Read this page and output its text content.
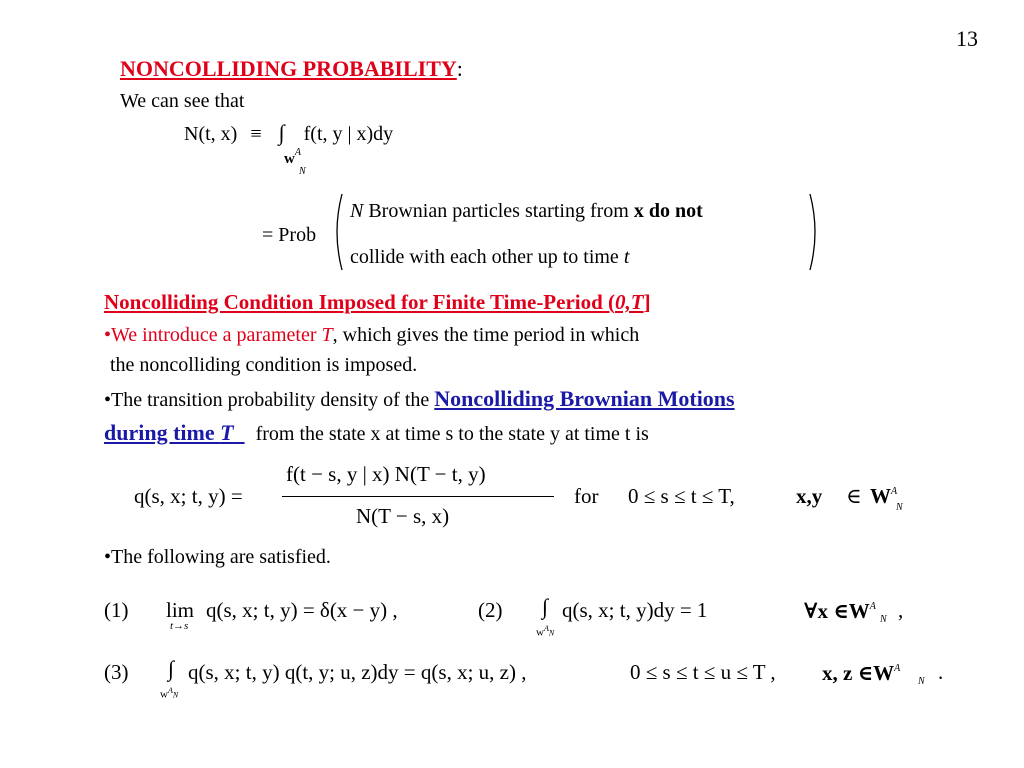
13
NONCOLLIDING PROBABILITY:
We can see that
N(t, x) ≡ ∫ f(t, y | x)dy
$w^A$
N
= Prob
N Brownian particles starting from x do not
collide with each other up to time t
Noncolliding Condition Imposed for Finite Time-Period (0,T]
•We introduce a parameter T, which gives the time period in which
the noncolliding condition is imposed.
•The transition probability density of the Noncolliding Brownian Motions
during time T from the state x at time s to the state y at time t is
q(s, x; t, y) =
f(t − s, y | x) N(T − t, y)
N(T − s, x)
for 0 ≤ s ≤ t ≤ T,	x,y ∈ $W^A$
N
•The following are satisfied.
(1) lim
t→s
q(s, x; t, y) = δ(x − y) ,	(2) ∫
$w^AN$
q(s, x; t, y)dy = 1	∀x $\in W^A$
N ,
(3) ∫
$w^AN$
q(s, x; t, y) q(t, y; u, z)dy = q(s, x; u, z) ,	0 ≤ s ≤ t ≤ u ≤ T , x, z $\in W^A$
N .
